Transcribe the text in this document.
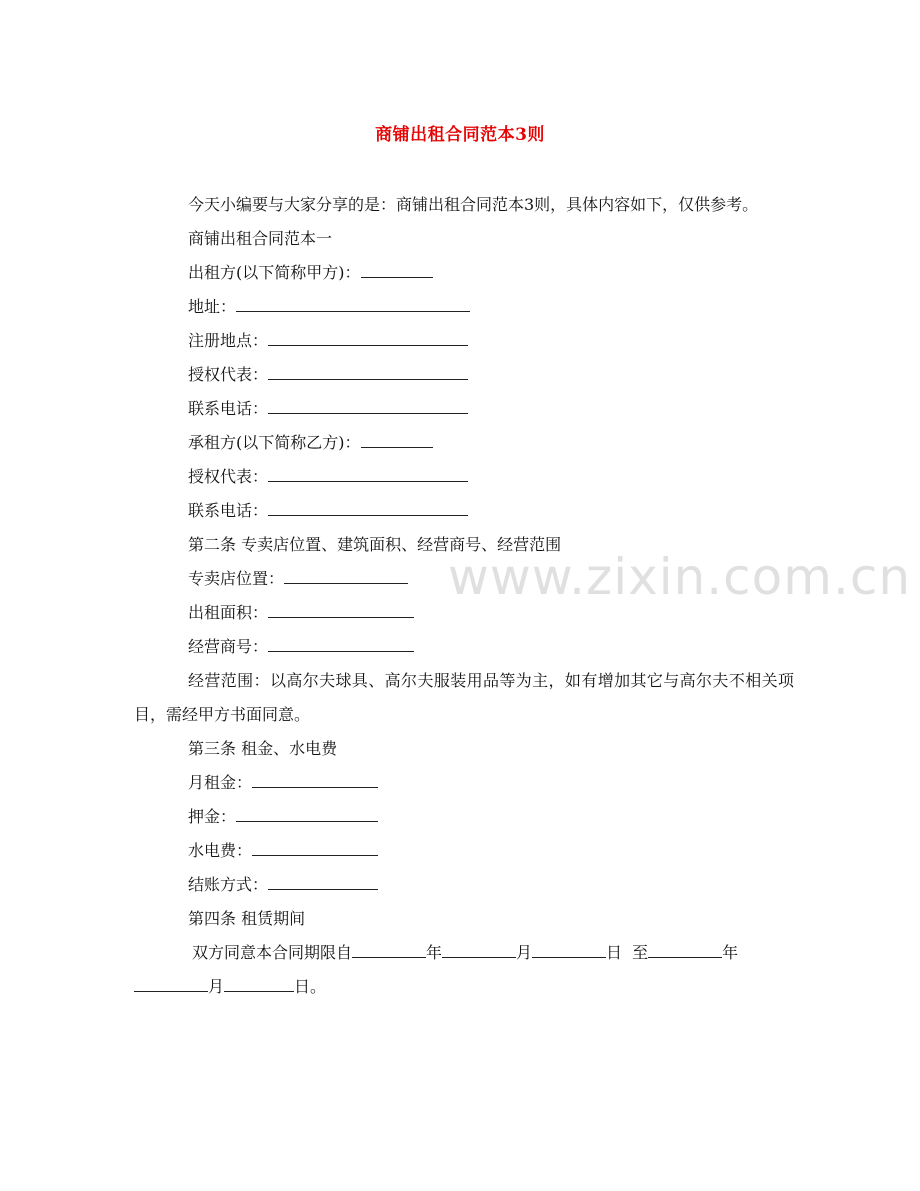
商铺出租合同范本3则

今天小编要与大家分享的是：商铺出租合同范本3则，具体内容如下，仅供参考。

商铺出租合同范本一

出租方(以下简称甲方)：

地址：

注册地点：

授权代表：

联系电话：

承租方(以下简称乙方)：

授权代表：

联系电话：

第二条 专卖店位置、建筑面积、经营商号、经营范围

专卖店位置：

出租面积：

经营商号：

经营范围：以高尔夫球具、高尔夫服装用品等为主，如有增加其它与高尔夫不相关项目，需经甲方书面同意。

第三条 租金、水电费

月租金：

押金：

水电费：

结账方式：

第四条 租赁期间

双方同意本合同期限自	年	月	日 至	年

月	日。

www.zixin.com.cn
